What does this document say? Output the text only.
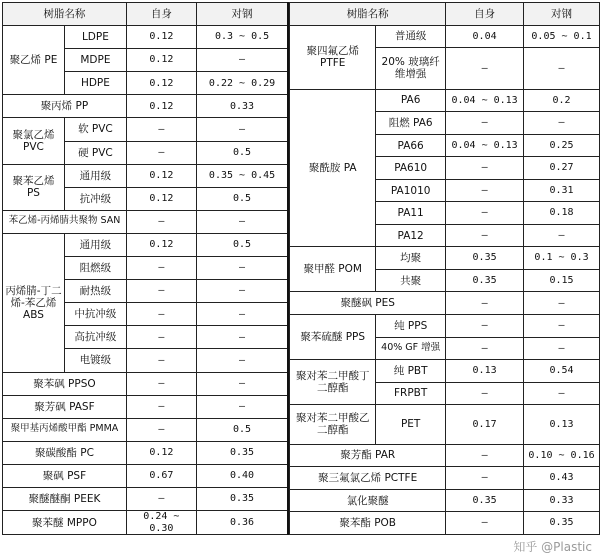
树脂名称		自身	对钢
聚乙烯 PE	LDPE	0.12	0.3 ~ 0.5
	MDPE	0.12	—
	HDPE	0.12	0.22 ~ 0.29
聚丙烯 PP		0.12	0.33
聚氯乙烯 PVC	软 PVC	—	—
	硬 PVC	—	0.5
聚苯乙烯 PS	通用级	0.12	0.35 ~ 0.45
	抗冲级	0.12	0.5
苯乙烯-丙烯腈共聚物 SAN		—	—
丙烯腈-丁二烯-苯乙烯 ABS	通用级	0.12	0.5
	阻燃级	—	—
	耐热级	—	—
	中抗冲级	—	—
	高抗冲级	—	—
	电镀级	—	—
聚苯砜 PPSO		—	—
聚芳砜 PASF		—	—
聚甲基丙烯酸甲酯 PMMA		—	0.5
聚碳酸酯 PC		0.12	0.35
聚砜 PSF		0.67	0.40
聚醚醚酮 PEEK		—	0.35
聚苯醚 MPPO		0.24 ~ 0.30	0.36
树脂名称		自身	对钢
聚四氟乙烯 PTFE	普通级	0.04	0.05 ~ 0.1
	20% 玻璃纤维增强	—	—
聚酰胺 PA	PA6	0.04 ~ 0.13	0.2
	阻燃 PA6	—	—
	PA66	0.04 ~ 0.13	0.25
	PA610	—	0.27
	PA1010	—	0.31
	PA11	—	0.18
	PA12	—	—
聚甲醛 POM	均聚	0.35	0.1 ~ 0.3
	共聚	0.35	0.15
聚醚砜 PES		—	—
聚苯硫醚 PPS	纯 PPS	—	—
	40% GF 增强	—	—
聚对苯二甲酸丁二醇酯	纯 PBT	0.13	0.54
	FRPBT	—	—
聚对苯二甲酸乙二醇酯	PET	0.17	0.13
聚芳酯 PAR		—	0.10 ~ 0.16
聚三氟氯乙烯 PCTFE		—	0.43
氯化聚醚		0.35	0.33
聚苯酯 POB		—	0.35
知乎 @Plastic
